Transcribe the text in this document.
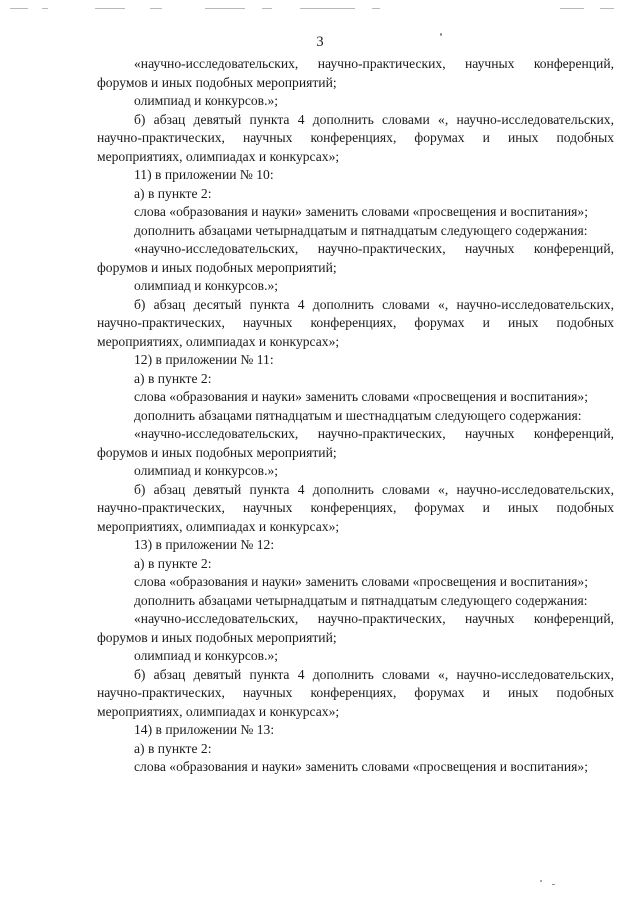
3

«научно-исследовательских, научно-практических, научных конференций, форумов и иных подобных мероприятий;

олимпиад и конкурсов.»;

б) абзац девятый пункта 4 дополнить словами «, научно-исследовательских, научно-практических, научных конференциях, форумах и иных подобных мероприятиях, олимпиадах и конкурсах»;

11) в приложении № 10:

а) в пункте 2:

слова «образования и науки» заменить словами «просвещения и воспитания»;

дополнить абзацами четырнадцатым и пятнадцатым следующего содержания:

«научно-исследовательских, научно-практических, научных конференций, форумов и иных подобных мероприятий;

олимпиад и конкурсов.»;

б) абзац десятый пункта 4 дополнить словами «, научно-исследовательских, научно-практических, научных конференциях, форумах и иных подобных мероприятиях, олимпиадах и конкурсах»;

12) в приложении № 11:

а) в пункте 2:

слова «образования и науки» заменить словами «просвещения и воспитания»;

дополнить абзацами пятнадцатым и шестнадцатым следующего содержания:

«научно-исследовательских, научно-практических, научных конференций, форумов и иных подобных мероприятий;

олимпиад и конкурсов.»;

б) абзац девятый пункта 4 дополнить словами «, научно-исследовательских, научно-практических, научных конференциях, форумах и иных подобных мероприятиях, олимпиадах и конкурсах»;

13) в приложении № 12:

а) в пункте 2:

слова «образования и науки» заменить словами «просвещения и воспитания»;

дополнить абзацами четырнадцатым и пятнадцатым следующего содержания:

«научно-исследовательских, научно-практических, научных конференций, форумов и иных подобных мероприятий;

олимпиад и конкурсов.»;

б) абзац девятый пункта 4 дополнить словами «, научно-исследовательских, научно-практических, научных конференциях, форумах и иных подобных мероприятиях, олимпиадах и конкурсах»;

14) в приложении № 13:

а) в пункте 2:

слова «образования и науки» заменить словами «просвещения и воспитания»;
